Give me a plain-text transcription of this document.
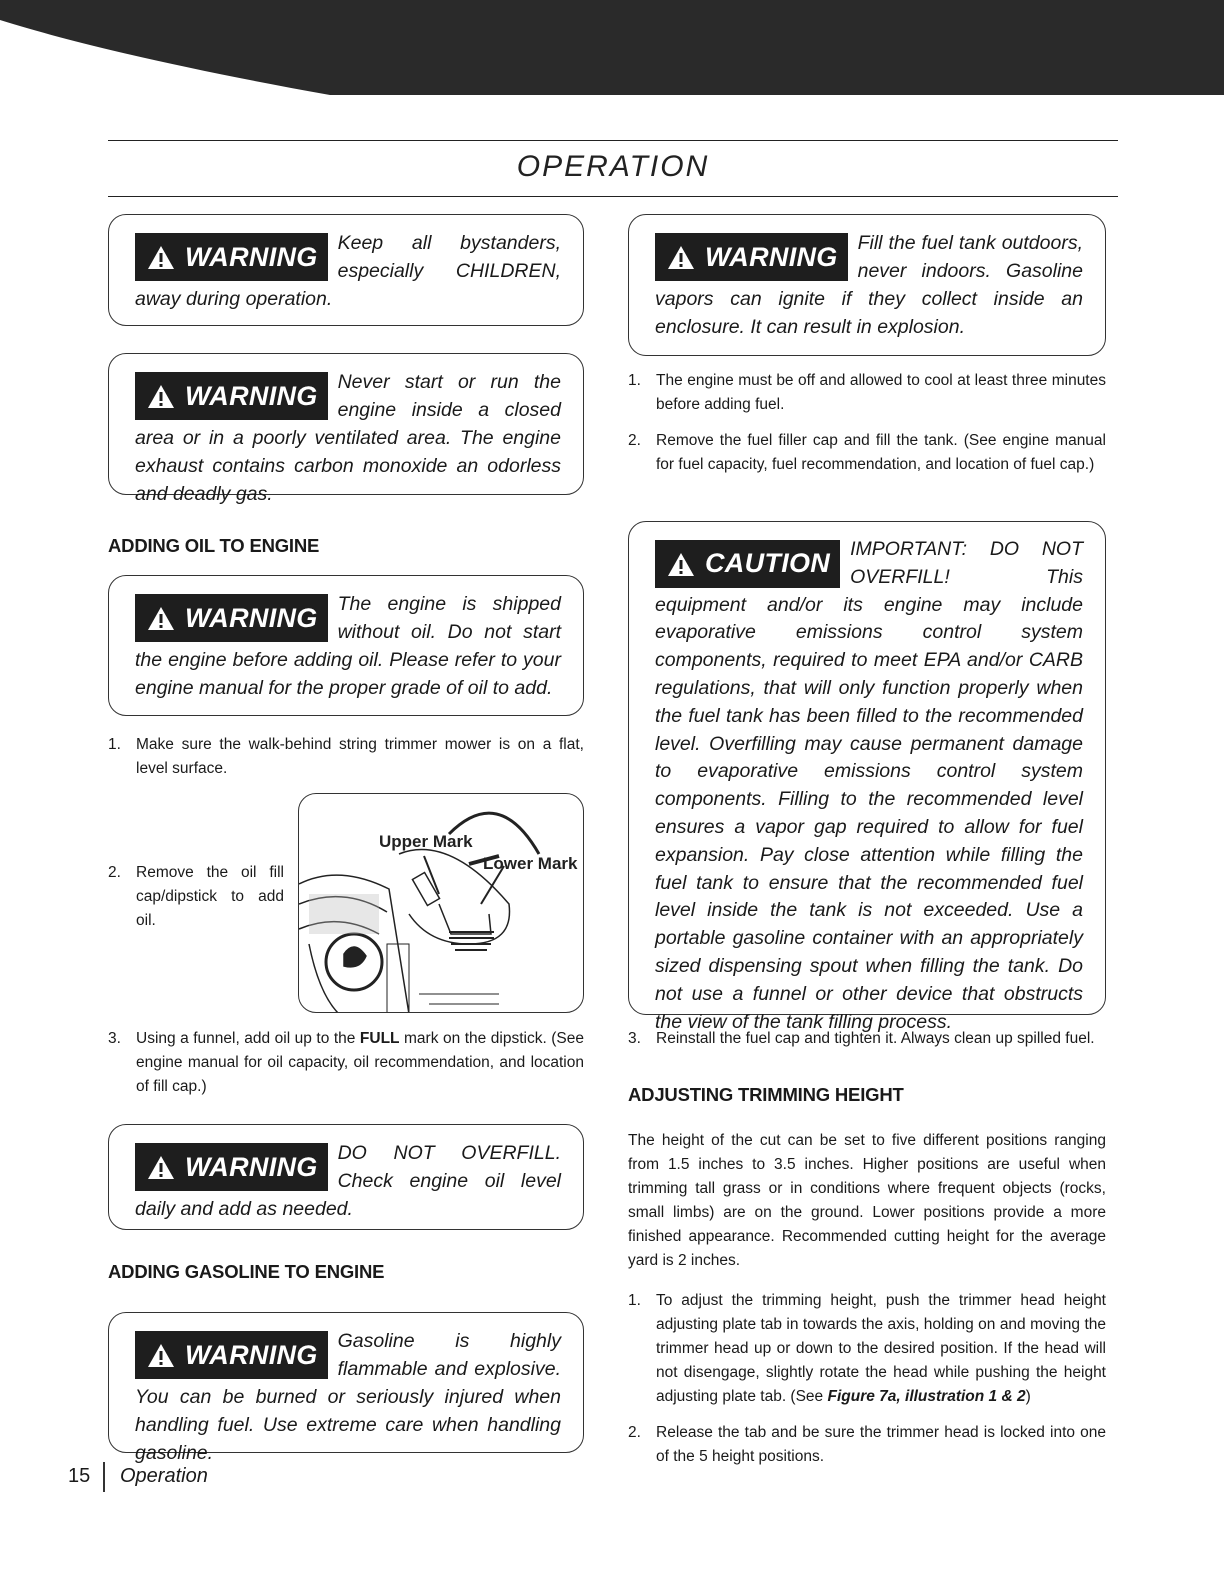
OPERATION
WARNING	Keep all bystanders, especially CHILDREN, away during operation.

WARNING	Never start or run the engine inside a closed area or in a poorly ventilated area. The engine exhaust contains carbon monoxide an odorless and deadly gas.

ADDING OIL TO ENGINE
WARNING	The engine is shipped without oil. Do not start the engine before adding oil. Please refer to your engine manual for the proper grade of oil to add.

1. Make sure the walk-behind string trimmer mower is on a flat, level surface.
2. Remove the oil fill cap/dipstick to add oil.
Upper Mark
Lower Mark
3. Using a funnel, add oil up to the FULL mark on the dipstick. (See engine manual for oil capacity, oil recommendation, and location of fill cap.)
WARNING	DO NOT OVERFILL. Check engine oil level daily and add as needed.

ADDING GASOLINE TO ENGINE
WARNING	Gasoline is highly flammable and explosive. You can be burned or seriously injured when handling fuel. Use extreme care when handling gasoline.

WARNING	Fill the fuel tank outdoors, never indoors. Gasoline vapors can ignite if they collect inside an enclosure. It can result in explosion.

1. The engine must be off and allowed to cool at least three minutes before adding fuel.
2. Remove the fuel filler cap and fill the tank. (See engine manual for fuel capacity, fuel recommendation, and location of fuel cap.)
CAUTION	IMPORTANT: DO NOT OVERFILL! This equipment and/or its engine may include evaporative emissions control system components, required to meet EPA and/or CARB regulations, that will only function properly when the fuel tank has been filled to the recommended level. Overfilling may cause permanent damage to evaporative emissions control system components. Filling to the recommended level ensures a vapor gap required to allow for fuel expansion. Pay close attention while filling the fuel tank to ensure that the recommended fuel level inside the tank is not exceeded. Use a portable gasoline container with an appropriately sized dispensing spout when filling the tank. Do not use a funnel or other device that obstructs the view of the tank filling process.

3. Reinstall the fuel cap and tighten it. Always clean up spilled fuel.
ADJUSTING TRIMMING HEIGHT

The height of the cut can be set to five different positions ranging from 1.5 inches to 3.5 inches. Higher positions are useful when trimming tall grass or in conditions where frequent objects (rocks, small limbs) are on the ground. Lower positions provide a more finished appearance. Recommended cutting height for the average yard is 2 inches.

1. To adjust the trimming height, push the trimmer head height adjusting plate tab in towards the axis, holding on and moving the trimmer head up or down to the desired position. If the head will not disengage, slightly rotate the head while pushing the height adjusting plate tab. (See Figure 7a, illustration 1 & 2)
2. Release the tab and be sure the trimmer head is locked into one of the 5 height positions.
15 Operation
